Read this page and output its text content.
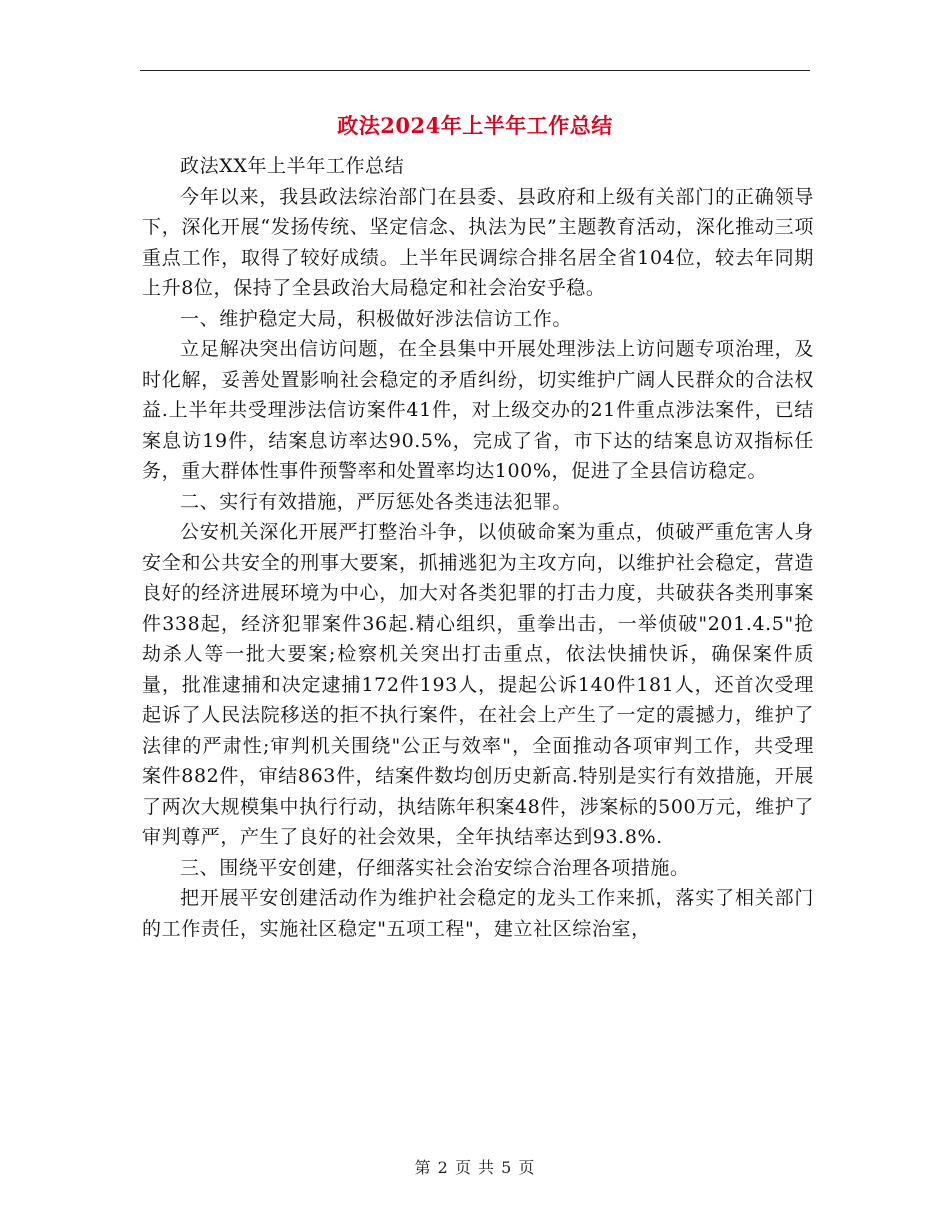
政法2024年上半年工作总结

政法XX年上半年工作总结

今年以来，我县政法综治部门在县委、县政府和上级有关部门的正确领导下，深化开展“发扬传统、坚定信念、执法为民”主题教育活动，深化推动三项重点工作，取得了较好成绩。上半年民调综合排名居全省104位，较去年同期上升8位，保持了全县政治大局稳定和社会治安乎稳。

一、维护稳定大局，积极做好涉法信访工作。

立足解决突出信访问题，在全县集中开展处理涉法上访问题专项治理，及时化解，妥善处置影响社会稳定的矛盾纠纷，切实维护广阔人民群众的合法权益.上半年共受理涉法信访案件41件，对上级交办的21件重点涉法案件，已结案息访19件，结案息访率达90.5%，完成了省，市下达的结案息访双指标任务，重大群体性事件预警率和处置率均达100%，促进了全县信访稳定。

二、实行有效措施，严厉惩处各类违法犯罪。

公安机关深化开展严打整治斗争，以侦破命案为重点，侦破严重危害人身安全和公共安全的刑事大要案，抓捕逃犯为主攻方向，以维护社会稳定，营造良好的经济进展环境为中心，加大对各类犯罪的打击力度，共破获各类刑事案件338起，经济犯罪案件36起.精心组织，重拳出击，一举侦破"201.4.5"抢劫杀人等一批大要案;检察机关突出打击重点，依法快捕快诉，确保案件质量，批准逮捕和决定逮捕172件193人，提起公诉140件181人，还首次受理起诉了人民法院移送的拒不执行案件，在社会上产生了一定的震撼力，维护了法律的严肃性;审判机关围绕"公正与效率"，全面推动各项审判工作，共受理案件882件，审结863件，结案件数均创历史新高.特别是实行有效措施，开展了两次大规模集中执行行动，执结陈年积案48件，涉案标的500万元，维护了审判尊严，产生了良好的社会效果，全年执结率达到93.8%.

三、围绕平安创建，仔细落实社会治安综合治理各项措施。

把开展平安创建活动作为维护社会稳定的龙头工作来抓，落实了相关部门的工作责任，实施社区稳定"五项工程"，建立社区综治室，

第 2 页 共 5 页
